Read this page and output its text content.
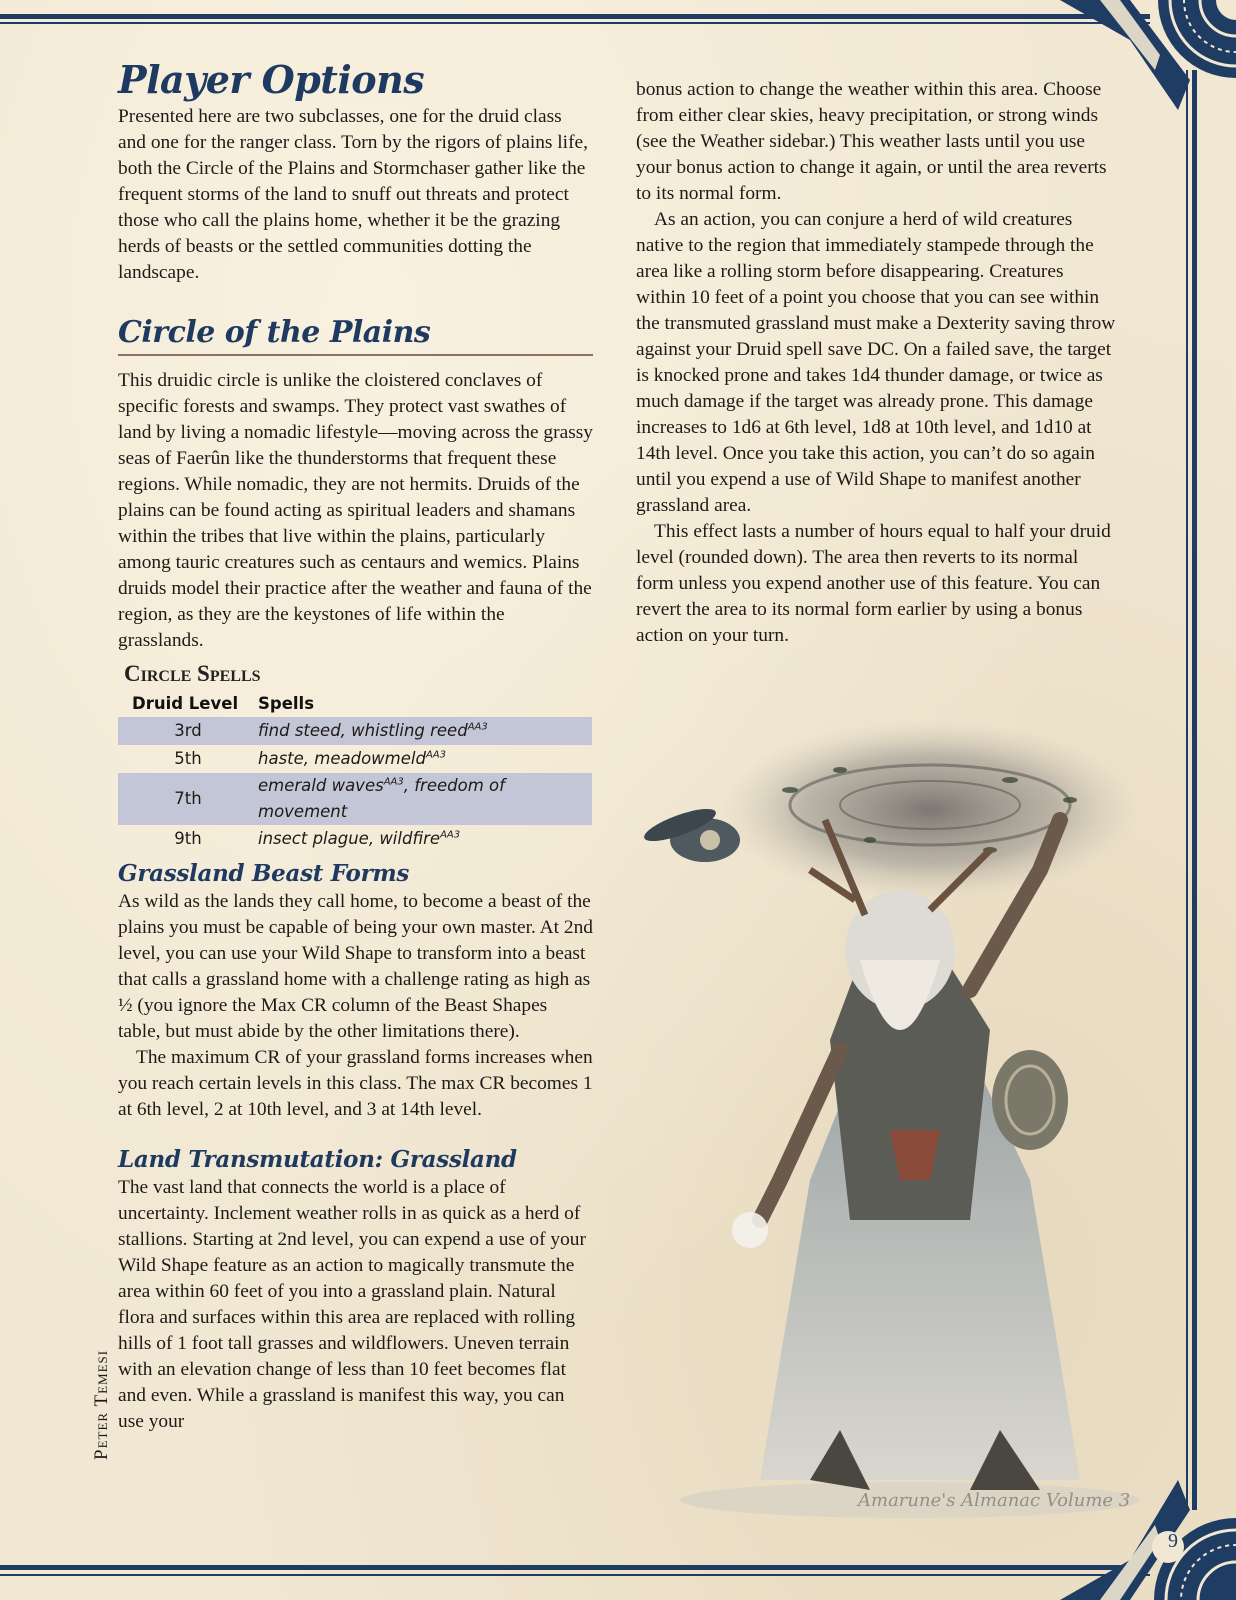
Player Options

Presented here are two subclasses, one for the druid class and one for the ranger class. Torn by the rigors of plains life, both the Circle of the Plains and Stormchaser gather like the frequent storms of the land to snuff out threats and protect those who call the plains home, whether it be the grazing herds of beasts or the settled communities dotting the landscape.

Circle of the Plains

This druidic circle is unlike the cloistered conclaves of specific forests and swamps. They protect vast swathes of land by living a nomadic lifestyle—moving across the grassy seas of Faerûn like the thunderstorms that frequent these regions. While nomadic, they are not hermits. Druids of the plains can be found acting as spiritual leaders and shamans within the tribes that live within the plains, particularly among tauric creatures such as centaurs and wemics. Plains druids model their practice after the weather and fauna of the region, as they are the keystones of life within the grasslands.

Circle Spells
Druid Level	Spells
3rd	find steed, whistling reed$^{AA3}$
5th	haste, meadowmeld$^{AA3}$
7th	emerald waves$^{AA3}$, freedom of movement
9th	insect plague, wildfire$^{AA3}$
Grassland Beast Forms

As wild as the lands they call home, to become a beast of the plains you must be capable of being your own master. At 2nd level, you can use your Wild Shape to transform into a beast that calls a grassland home with a challenge rating as high as ½ (you ignore the Max CR column of the Beast Shapes table, but must abide by the other limitations there).

The maximum CR of your grassland forms increases when you reach certain levels in this class. The max CR becomes 1 at 6th level, 2 at 10th level, and 3 at 14th level.

Land Transmutation: Grassland

The vast land that connects the world is a place of uncertainty. Inclement weather rolls in as quick as a herd of stallions. Starting at 2nd level, you can expend a use of your Wild Shape feature as an action to magically transmute the area within 60 feet of you into a grassland plain. Natural flora and surfaces within this area are replaced with rolling hills of 1 foot tall grasses and wildflowers. Uneven terrain with an elevation change of less than 10 feet becomes flat and even. While a grassland is manifest this way, you can use your

bonus action to change the weather within this area. Choose from either clear skies, heavy precipitation, or strong winds (see the Weather sidebar.) This weather lasts until you use your bonus action to change it again, or until the area reverts to its normal form.

As an action, you can conjure a herd of wild creatures native to the region that immediately stampede through the area like a rolling storm before disappearing. Creatures within 10 feet of a point you choose that you can see within the transmuted grassland must make a Dexterity saving throw against your Druid spell save DC. On a failed save, the target is knocked prone and takes 1d4 thunder damage, or twice as much damage if the target was already prone. This damage increases to 1d6 at 6th level, 1d8 at 10th level, and 1d10 at 14th level. Once you take this action, you can’t do so again until you expend a use of Wild Shape to manifest another grassland area.

This effect lasts a number of hours equal to half your druid level (rounded down). The area then reverts to its normal form unless you expend another use of this feature. You can revert the area to its normal form earlier by using a bonus action on your turn.

Peter Temesi
Amarune's Almanac Volume 3
9
